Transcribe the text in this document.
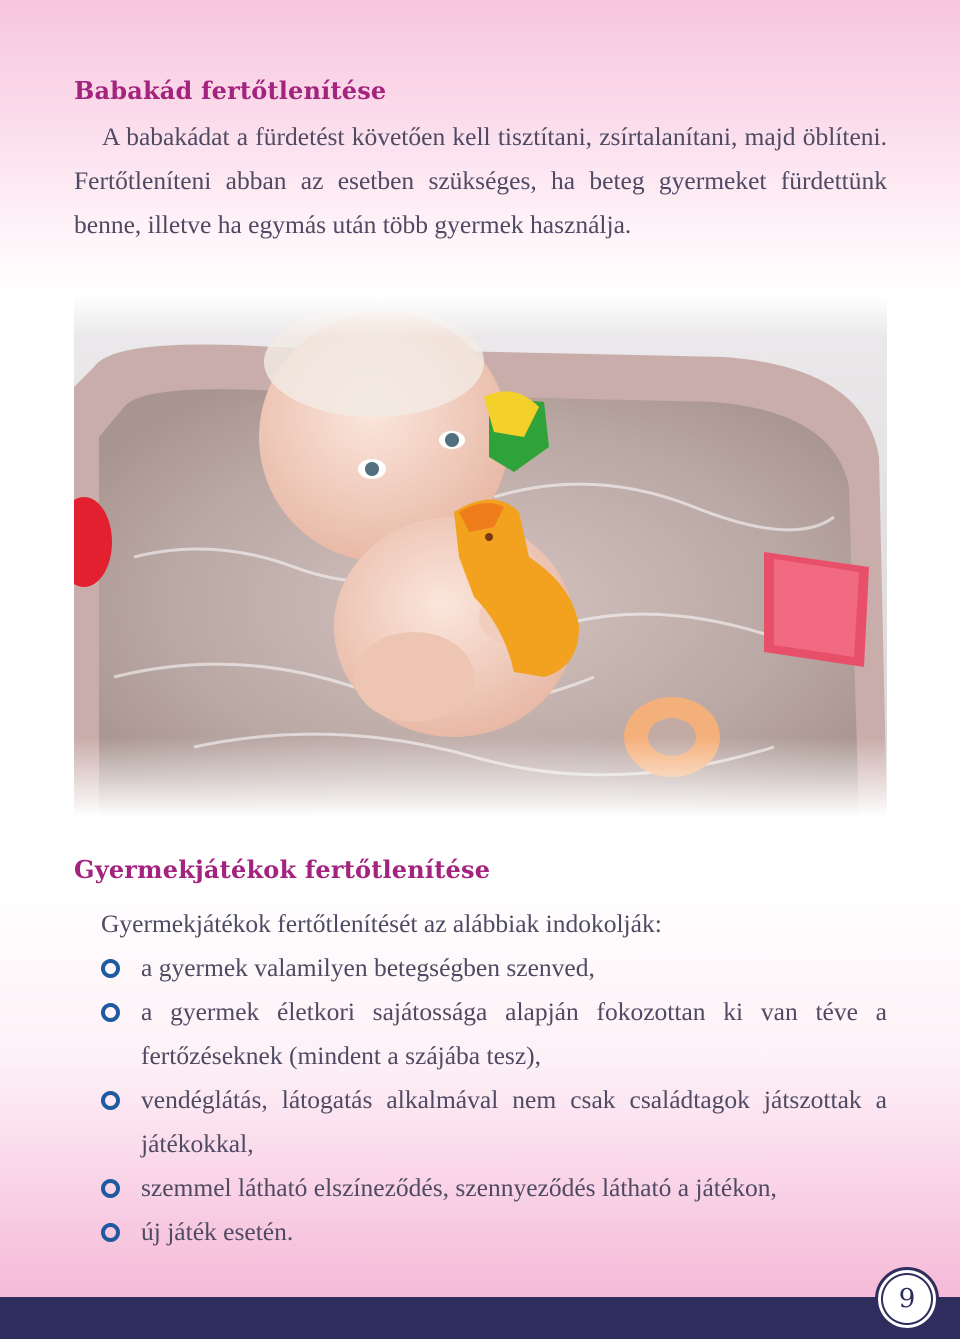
Babakád fertőtlenítése

A babakádat a fürdetést követően kell tisztítani, zsírtalanítani, majd öblíteni. Fertőtleníteni abban az esetben szükséges, ha beteg gyermeket fürdettünk benne, illetve ha egymás után több gyermek használja.

Gyermekjátékok fertőtlenítése

Gyermekjátékok fertőtlenítését az alábbiak indokolják:

a gyermek valamilyen betegségben szenved,
a gyermek életkori sajátossága alapján fokozottan ki van téve a fertőzéseknek (mindent a szájába tesz),
vendéglátás, látogatás alkalmával nem csak családtagok játszottak a játékokkal,
szemmel látható elszíneződés, szennyeződés látható a játékon,
új játék esetén.
9
